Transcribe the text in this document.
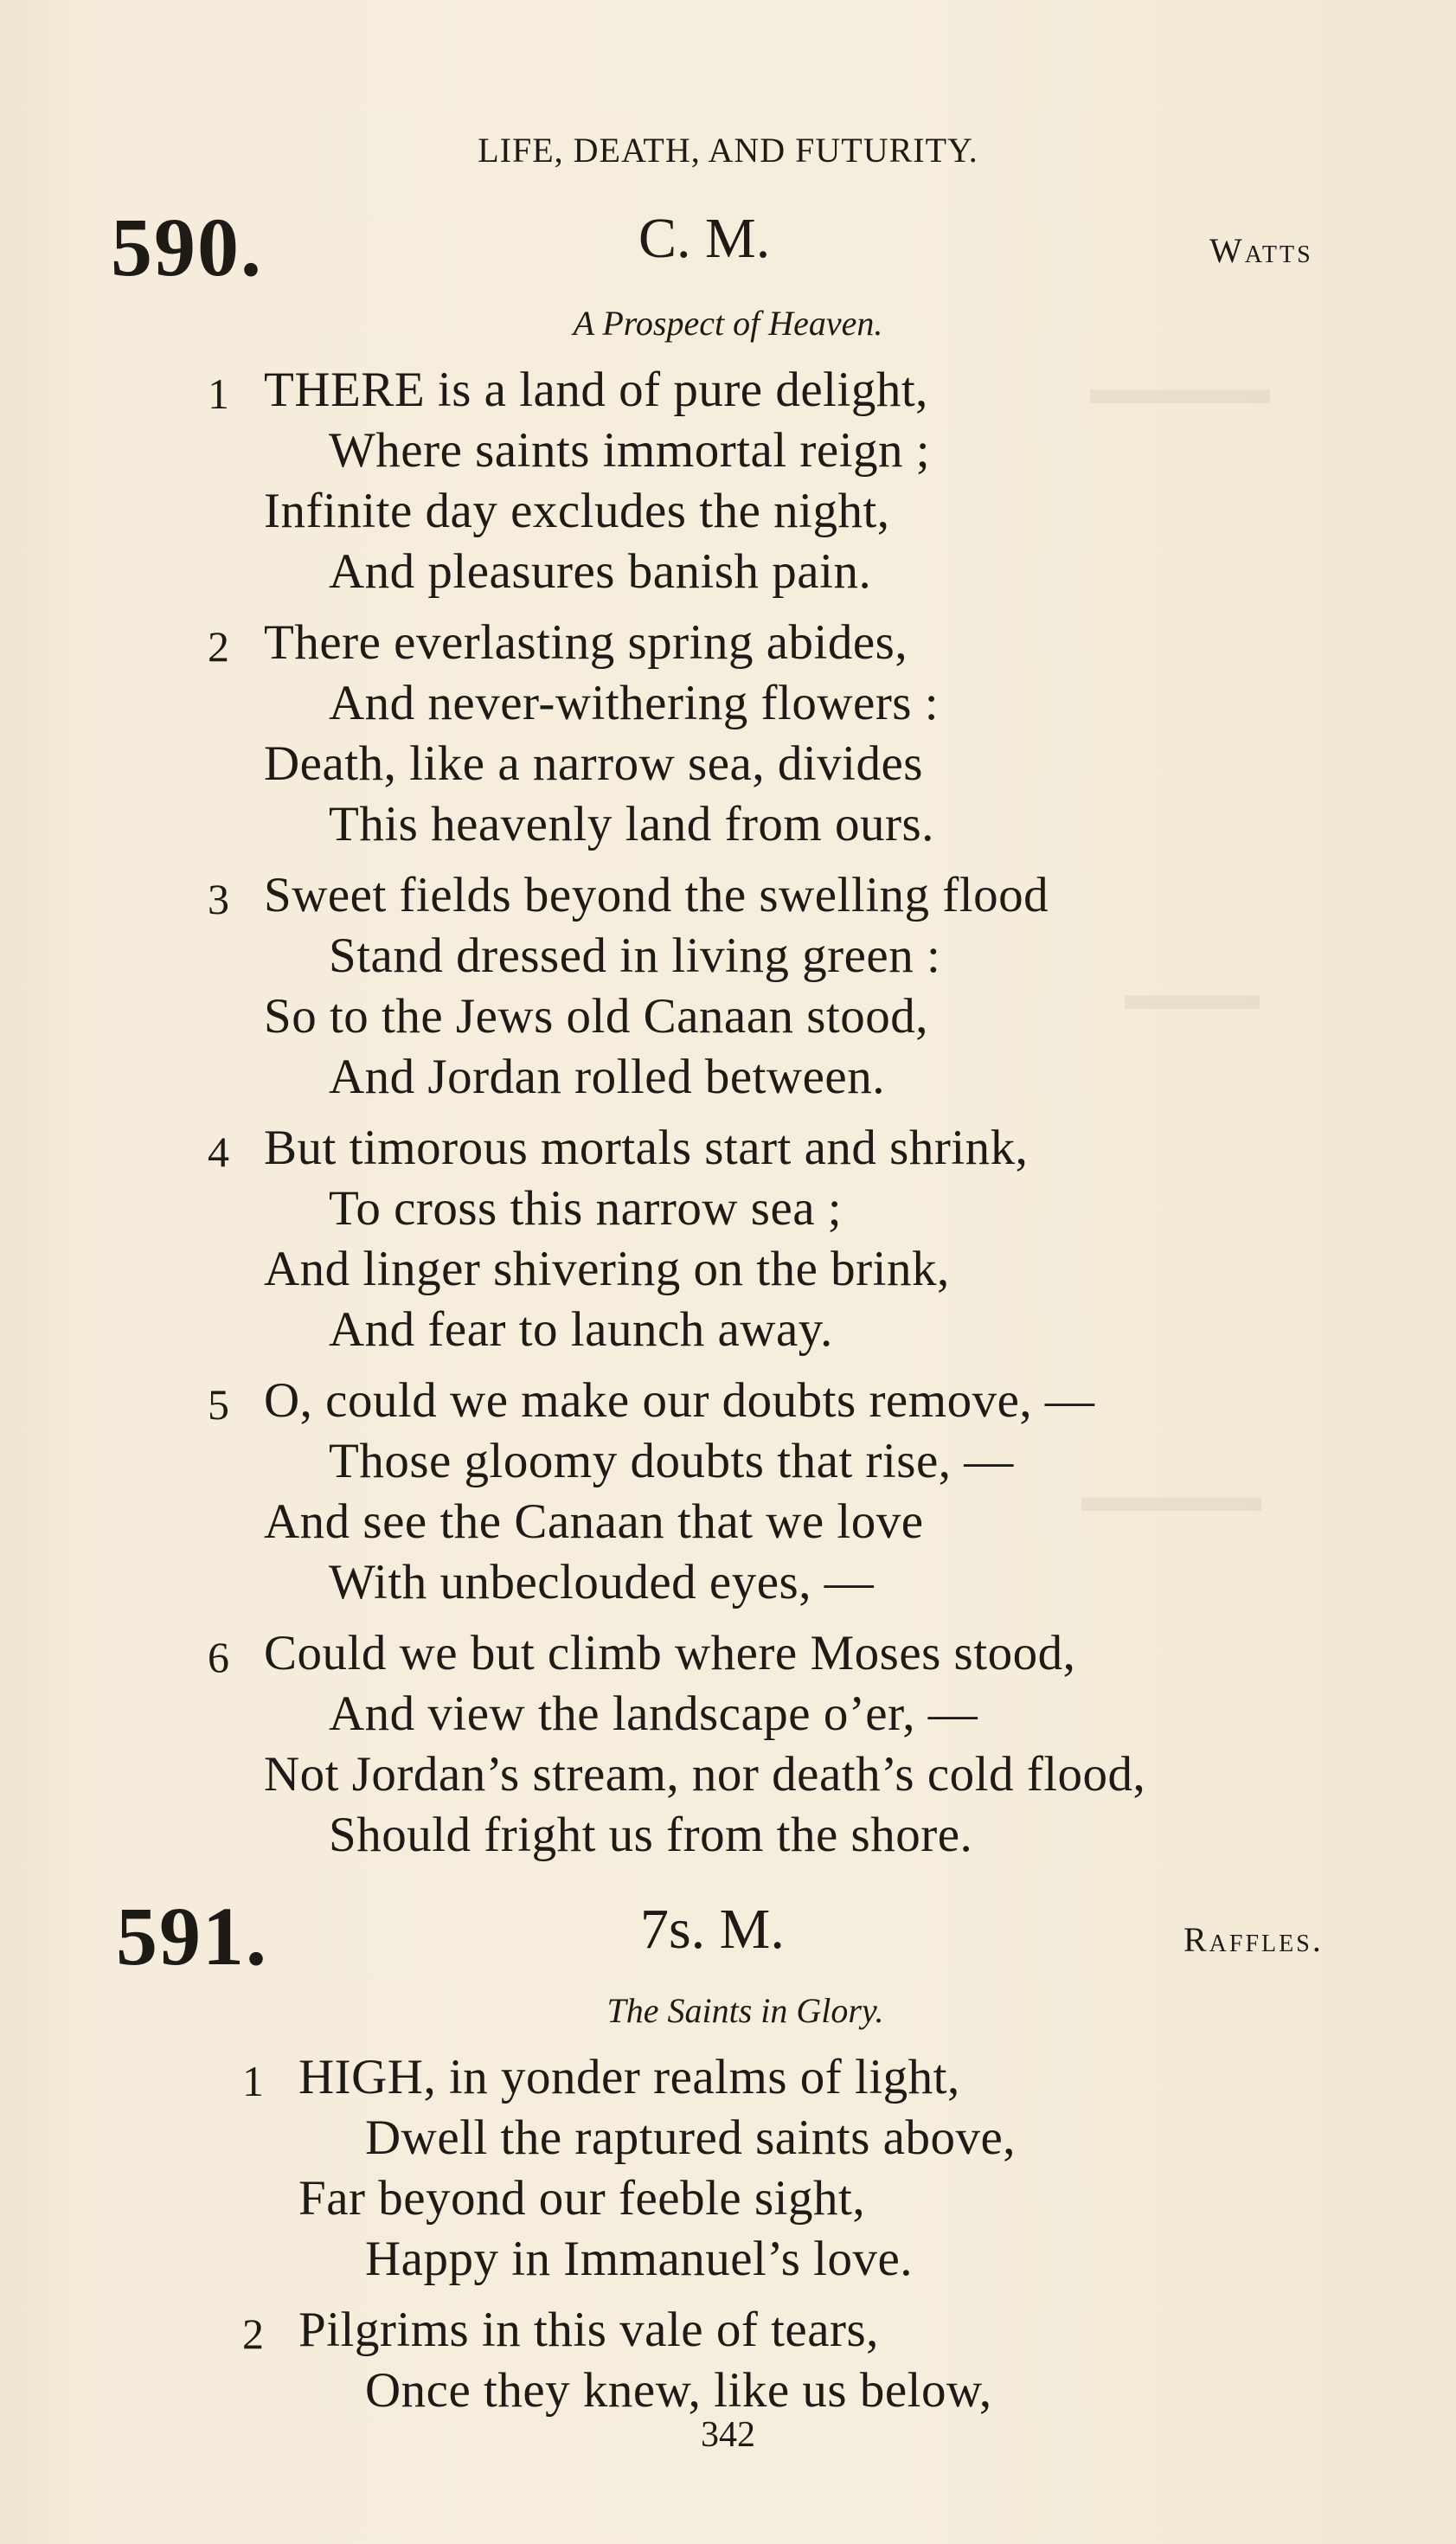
▬▬▬▬
▬▬▬
▬▬▬▬
LIFE, DEATH, AND FUTURITY.
590.	C. M.	Watts
A Prospect of Heaven.
1 THERE is a land of pure delight,
Where saints immortal reign ;
Infinite day excludes the night,
And pleasures banish pain.
2 There everlasting spring abides,
And never-withering flowers :
Death, like a narrow sea, divides
This heavenly land from ours.
3 Sweet fields beyond the swelling flood
Stand dressed in living green :
So to the Jews old Canaan stood,
And Jordan rolled between.
4 But timorous mortals start and shrink,
To cross this narrow sea ;
And linger shivering on the brink,
And fear to launch away.
5 O, could we make our doubts remove, —
Those gloomy doubts that rise, —
And see the Canaan that we love
With unbeclouded eyes, —
6 Could we but climb where Moses stood,
And view the landscape o’er, —
Not Jordan’s stream, nor death’s cold flood,
Should fright us from the shore.
591.	7s. M.	Raffles.
The Saints in Glory.
1 HIGH, in yonder realms of light,
Dwell the raptured saints above,
Far beyond our feeble sight,
Happy in Immanuel’s love.
2 Pilgrims in this vale of tears,
Once they knew, like us below,
342
